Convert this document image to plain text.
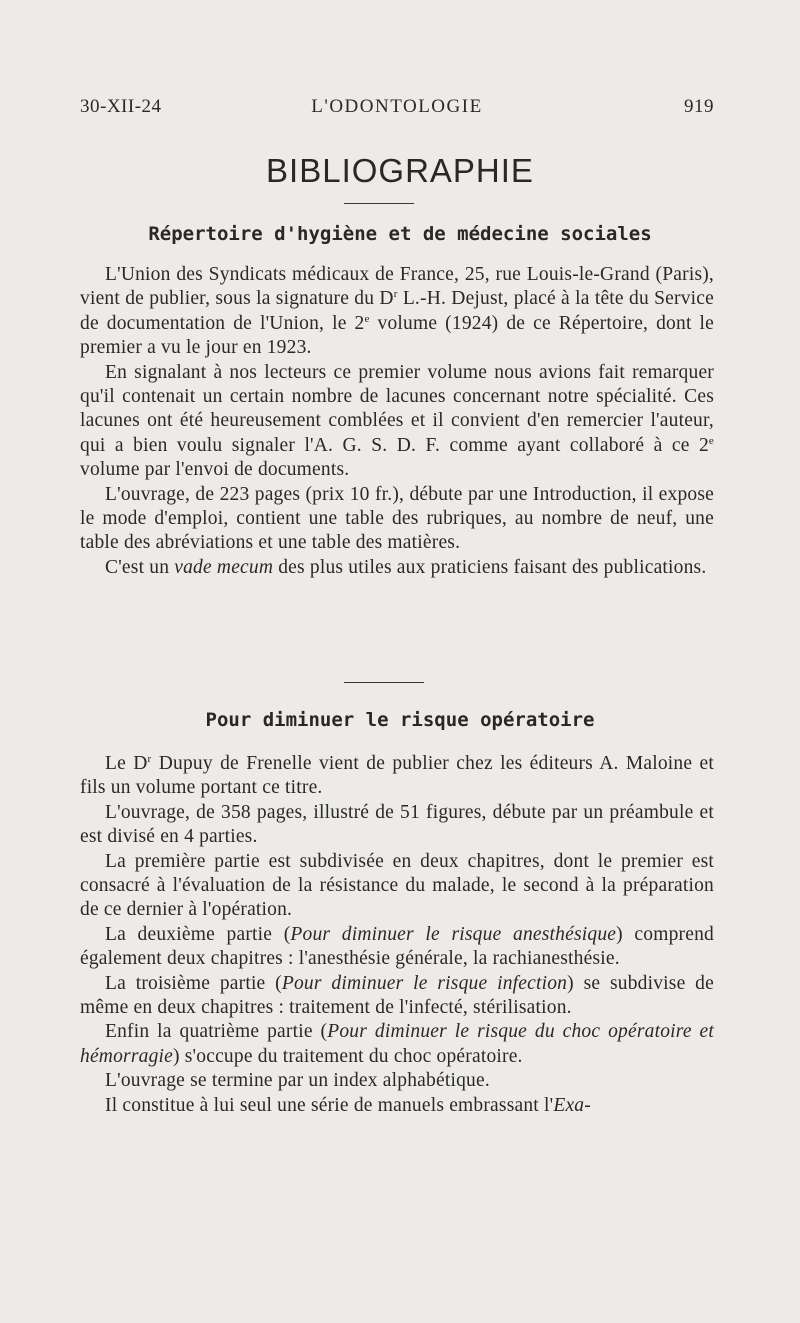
30-XII-24	L'ODONTOLOGIE	919
BIBLIOGRAPHIE
Répertoire d'hygiène et de médecine sociales

L'Union des Syndicats médicaux de France, 25, rue Louis-le-Grand (Paris), vient de publier, sous la signature du $D^r$ L.-H. Dejust, placé à la tête du Service de documentation de l'Union, le 2e volume (1924) de ce Répertoire, dont le premier a vu le jour en 1923.

En signalant à nos lecteurs ce premier volume nous avions fait remarquer qu'il contenait un certain nombre de lacunes concernant notre spécialité. Ces lacunes ont été heureusement comblées et il convient d'en remercier l'auteur, qui a bien voulu signaler l'A. G. S. D. F. comme ayant collaboré à ce 2e volume par l'envoi de documents.

L'ouvrage, de 223 pages (prix 10 fr.), débute par une Introduction, il expose le mode d'emploi, contient une table des rubriques, au nombre de neuf, une table des abréviations et une table des matières.

C'est un vade mecum des plus utiles aux praticiens faisant des publications.

Pour diminuer le risque opératoire

Le $D^r$ Dupuy de Frenelle vient de publier chez les éditeurs A. Maloine et fils un volume portant ce titre.

L'ouvrage, de 358 pages, illustré de 51 figures, débute par un préambule et est divisé en 4 parties.

La première partie est subdivisée en deux chapitres, dont le premier est consacré à l'évaluation de la résistance du malade, le second à la préparation de ce dernier à l'opération.

La deuxième partie (Pour diminuer le risque anesthésique) comprend également deux chapitres : l'anesthésie générale, la rachianesthésie.

La troisième partie (Pour diminuer le risque infection) se subdivise de même en deux chapitres : traitement de l'infecté, stérilisation.

Enfin la quatrième partie (Pour diminuer le risque du choc opératoire et hémorragie) s'occupe du traitement du choc opératoire.

L'ouvrage se termine par un index alphabétique.

Il constitue à lui seul une série de manuels embrassant l'Exa-
